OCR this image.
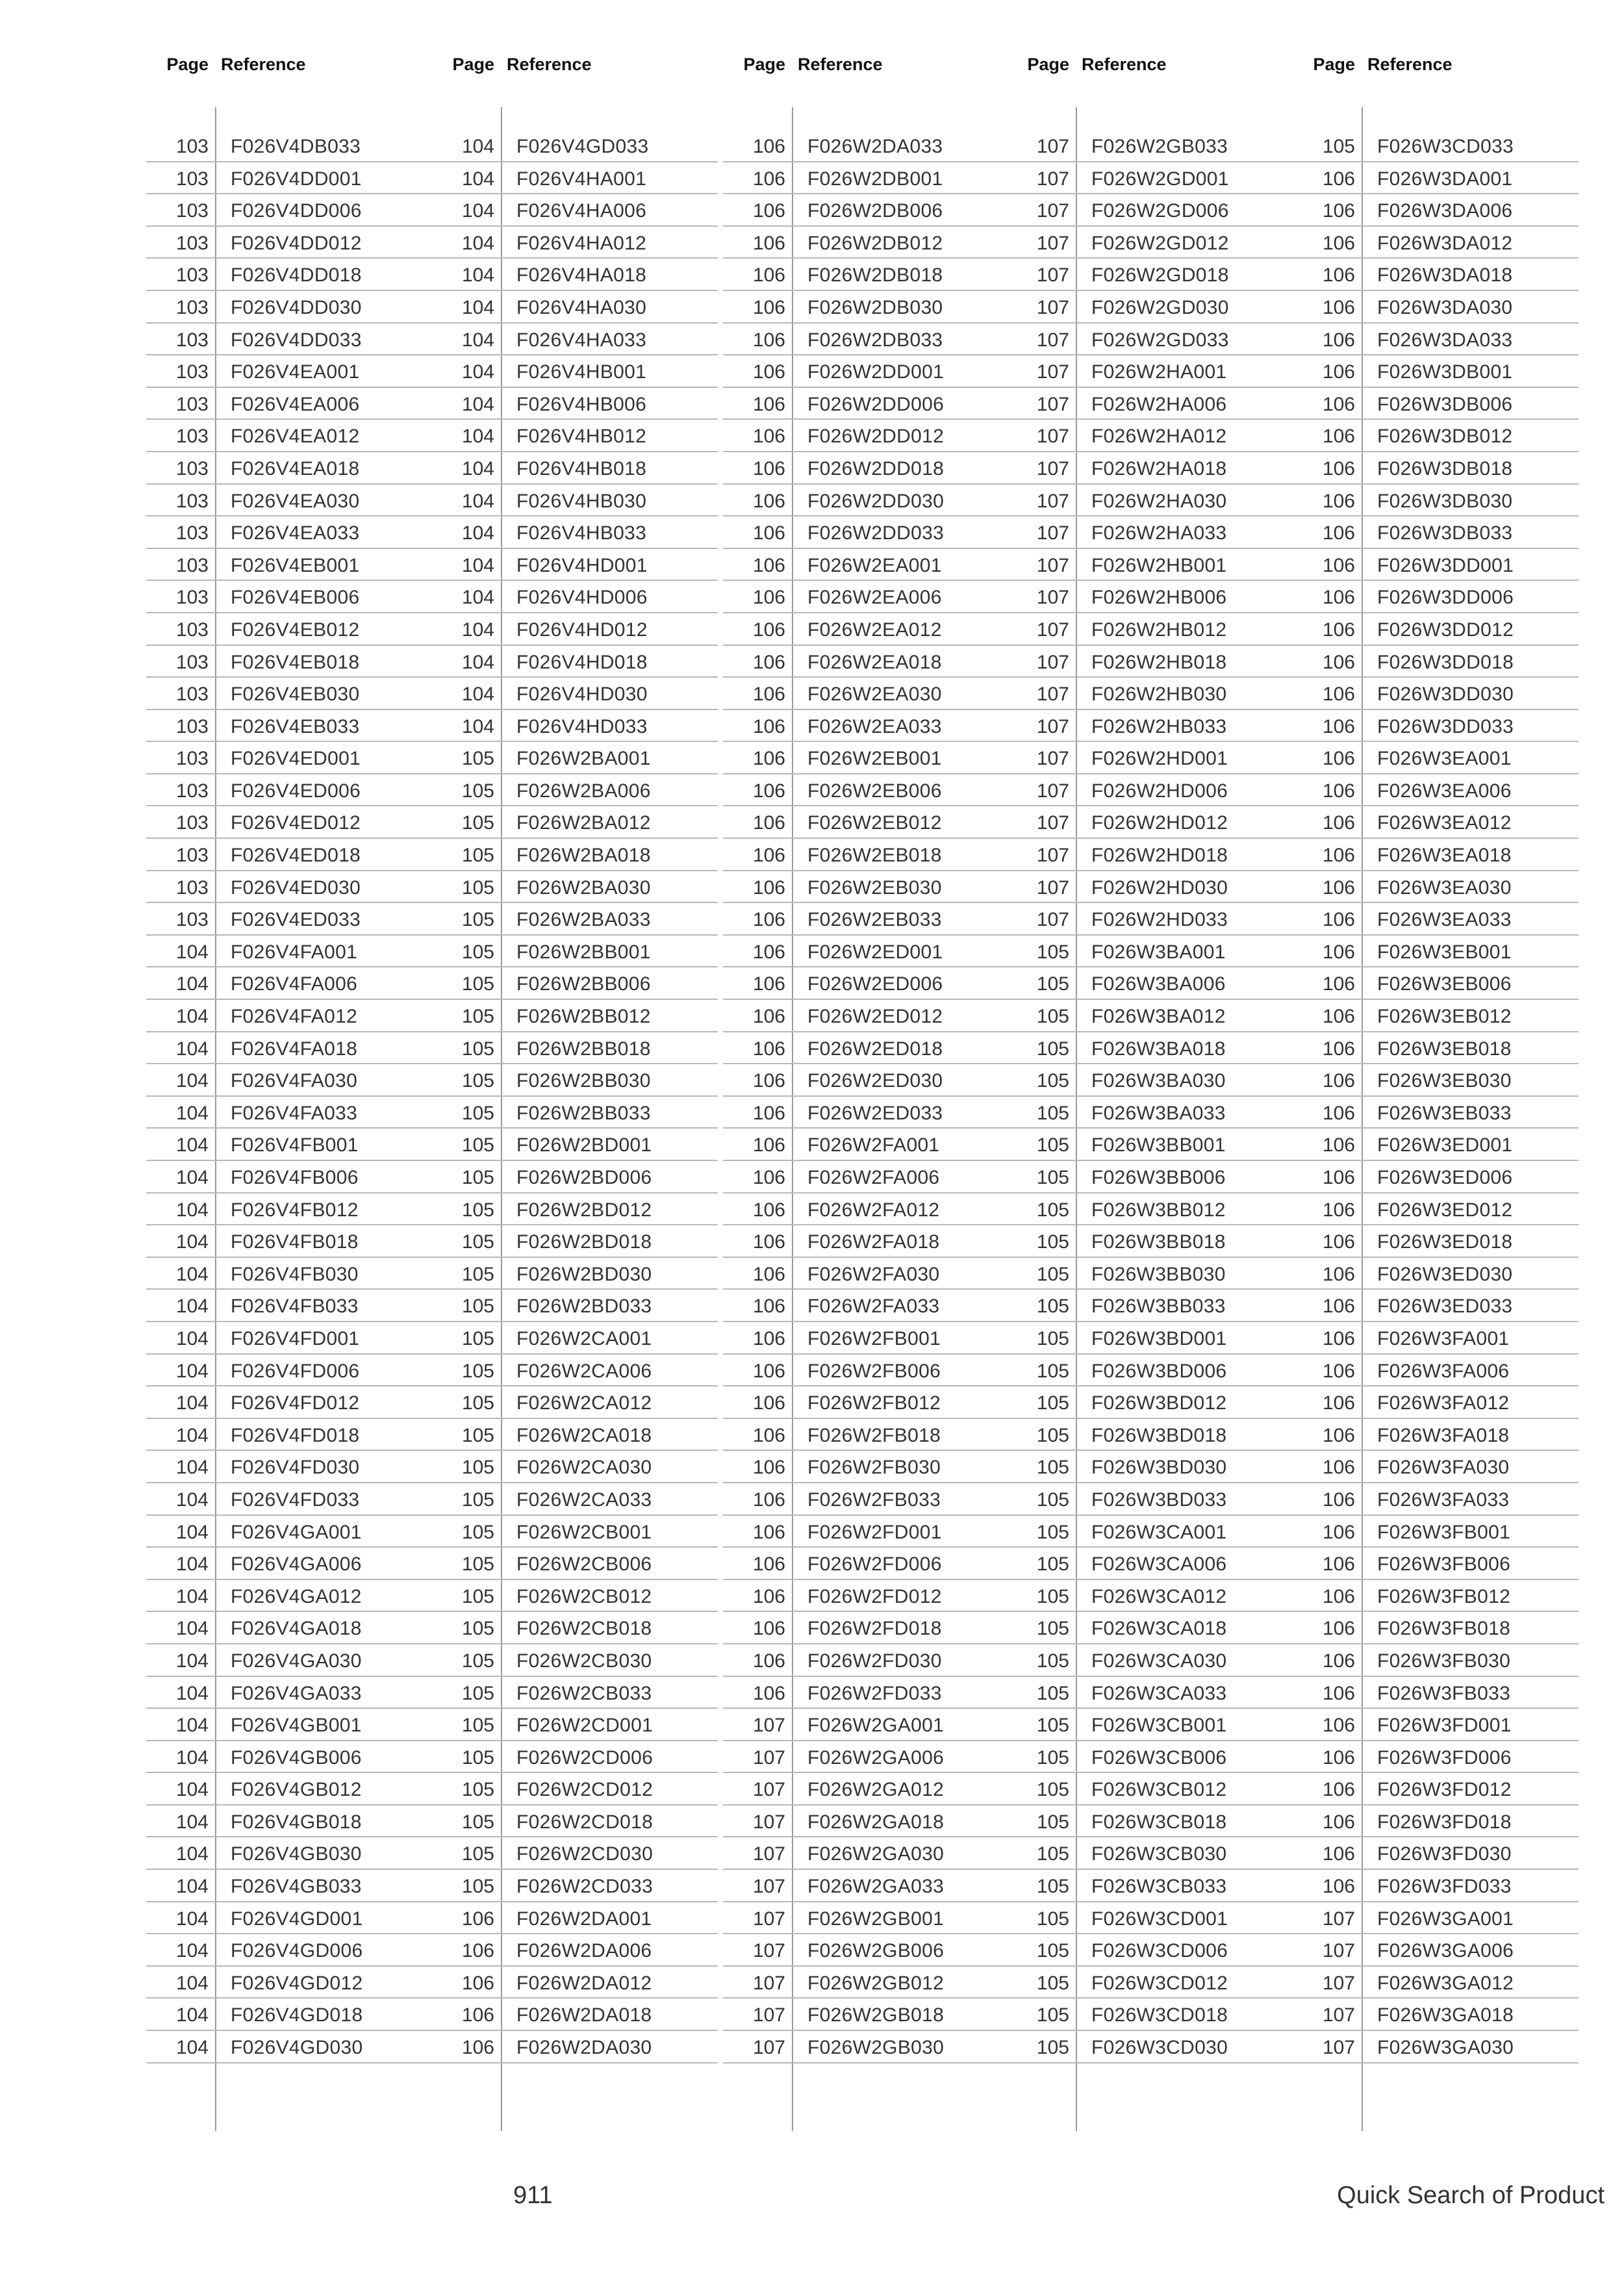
Page Reference
103 F026V4DB033
103 F026V4DD001
103 F026V4DD006
103 F026V4DD012
103 F026V4DD018
103 F026V4DD030
103 F026V4DD033
103 F026V4EA001
103 F026V4EA006
103 F026V4EA012
103 F026V4EA018
103 F026V4EA030
103 F026V4EA033
103 F026V4EB001
103 F026V4EB006
103 F026V4EB012
103 F026V4EB018
103 F026V4EB030
103 F026V4EB033
103 F026V4ED001
103 F026V4ED006
103 F026V4ED012
103 F026V4ED018
103 F026V4ED030
103 F026V4ED033
104 F026V4FA001
104 F026V4FA006
104 F026V4FA012
104 F026V4FA018
104 F026V4FA030
104 F026V4FA033
104 F026V4FB001
104 F026V4FB006
104 F026V4FB012
104 F026V4FB018
104 F026V4FB030
104 F026V4FB033
104 F026V4FD001
104 F026V4FD006
104 F026V4FD012
104 F026V4FD018
104 F026V4FD030
104 F026V4FD033
104 F026V4GA001
104 F026V4GA006
104 F026V4GA012
104 F026V4GA018
104 F026V4GA030
104 F026V4GA033
104 F026V4GB001
104 F026V4GB006
104 F026V4GB012
104 F026V4GB018
104 F026V4GB030
104 F026V4GB033
104 F026V4GD001
104 F026V4GD006
104 F026V4GD012
104 F026V4GD018
104 F026V4GD030
Page Reference
104 F026V4GD033
104 F026V4HA001
104 F026V4HA006
104 F026V4HA012
104 F026V4HA018
104 F026V4HA030
104 F026V4HA033
104 F026V4HB001
104 F026V4HB006
104 F026V4HB012
104 F026V4HB018
104 F026V4HB030
104 F026V4HB033
104 F026V4HD001
104 F026V4HD006
104 F026V4HD012
104 F026V4HD018
104 F026V4HD030
104 F026V4HD033
105 F026W2BA001
105 F026W2BA006
105 F026W2BA012
105 F026W2BA018
105 F026W2BA030
105 F026W2BA033
105 F026W2BB001
105 F026W2BB006
105 F026W2BB012
105 F026W2BB018
105 F026W2BB030
105 F026W2BB033
105 F026W2BD001
105 F026W2BD006
105 F026W2BD012
105 F026W2BD018
105 F026W2BD030
105 F026W2BD033
105 F026W2CA001
105 F026W2CA006
105 F026W2CA012
105 F026W2CA018
105 F026W2CA030
105 F026W2CA033
105 F026W2CB001
105 F026W2CB006
105 F026W2CB012
105 F026W2CB018
105 F026W2CB030
105 F026W2CB033
105 F026W2CD001
105 F026W2CD006
105 F026W2CD012
105 F026W2CD018
105 F026W2CD030
105 F026W2CD033
106 F026W2DA001
106 F026W2DA006
106 F026W2DA012
106 F026W2DA018
106 F026W2DA030
Page Reference
106 F026W2DA033
106 F026W2DB001
106 F026W2DB006
106 F026W2DB012
106 F026W2DB018
106 F026W2DB030
106 F026W2DB033
106 F026W2DD001
106 F026W2DD006
106 F026W2DD012
106 F026W2DD018
106 F026W2DD030
106 F026W2DD033
106 F026W2EA001
106 F026W2EA006
106 F026W2EA012
106 F026W2EA018
106 F026W2EA030
106 F026W2EA033
106 F026W2EB001
106 F026W2EB006
106 F026W2EB012
106 F026W2EB018
106 F026W2EB030
106 F026W2EB033
106 F026W2ED001
106 F026W2ED006
106 F026W2ED012
106 F026W2ED018
106 F026W2ED030
106 F026W2ED033
106 F026W2FA001
106 F026W2FA006
106 F026W2FA012
106 F026W2FA018
106 F026W2FA030
106 F026W2FA033
106 F026W2FB001
106 F026W2FB006
106 F026W2FB012
106 F026W2FB018
106 F026W2FB030
106 F026W2FB033
106 F026W2FD001
106 F026W2FD006
106 F026W2FD012
106 F026W2FD018
106 F026W2FD030
106 F026W2FD033
107 F026W2GA001
107 F026W2GA006
107 F026W2GA012
107 F026W2GA018
107 F026W2GA030
107 F026W2GA033
107 F026W2GB001
107 F026W2GB006
107 F026W2GB012
107 F026W2GB018
107 F026W2GB030
Page Reference
107 F026W2GB033
107 F026W2GD001
107 F026W2GD006
107 F026W2GD012
107 F026W2GD018
107 F026W2GD030
107 F026W2GD033
107 F026W2HA001
107 F026W2HA006
107 F026W2HA012
107 F026W2HA018
107 F026W2HA030
107 F026W2HA033
107 F026W2HB001
107 F026W2HB006
107 F026W2HB012
107 F026W2HB018
107 F026W2HB030
107 F026W2HB033
107 F026W2HD001
107 F026W2HD006
107 F026W2HD012
107 F026W2HD018
107 F026W2HD030
107 F026W2HD033
105 F026W3BA001
105 F026W3BA006
105 F026W3BA012
105 F026W3BA018
105 F026W3BA030
105 F026W3BA033
105 F026W3BB001
105 F026W3BB006
105 F026W3BB012
105 F026W3BB018
105 F026W3BB030
105 F026W3BB033
105 F026W3BD001
105 F026W3BD006
105 F026W3BD012
105 F026W3BD018
105 F026W3BD030
105 F026W3BD033
105 F026W3CA001
105 F026W3CA006
105 F026W3CA012
105 F026W3CA018
105 F026W3CA030
105 F026W3CA033
105 F026W3CB001
105 F026W3CB006
105 F026W3CB012
105 F026W3CB018
105 F026W3CB030
105 F026W3CB033
105 F026W3CD001
105 F026W3CD006
105 F026W3CD012
105 F026W3CD018
105 F026W3CD030
Page Reference
105 F026W3CD033
106 F026W3DA001
106 F026W3DA006
106 F026W3DA012
106 F026W3DA018
106 F026W3DA030
106 F026W3DA033
106 F026W3DB001
106 F026W3DB006
106 F026W3DB012
106 F026W3DB018
106 F026W3DB030
106 F026W3DB033
106 F026W3DD001
106 F026W3DD006
106 F026W3DD012
106 F026W3DD018
106 F026W3DD030
106 F026W3DD033
106 F026W3EA001
106 F026W3EA006
106 F026W3EA012
106 F026W3EA018
106 F026W3EA030
106 F026W3EA033
106 F026W3EB001
106 F026W3EB006
106 F026W3EB012
106 F026W3EB018
106 F026W3EB030
106 F026W3EB033
106 F026W3ED001
106 F026W3ED006
106 F026W3ED012
106 F026W3ED018
106 F026W3ED030
106 F026W3ED033
106 F026W3FA001
106 F026W3FA006
106 F026W3FA012
106 F026W3FA018
106 F026W3FA030
106 F026W3FA033
106 F026W3FB001
106 F026W3FB006
106 F026W3FB012
106 F026W3FB018
106 F026W3FB030
106 F026W3FB033
106 F026W3FD001
106 F026W3FD006
106 F026W3FD012
106 F026W3FD018
106 F026W3FD030
106 F026W3FD033
107 F026W3GA001
107 F026W3GA006
107 F026W3GA012
107 F026W3GA018
107 F026W3GA030
911	Quick Search of Product
